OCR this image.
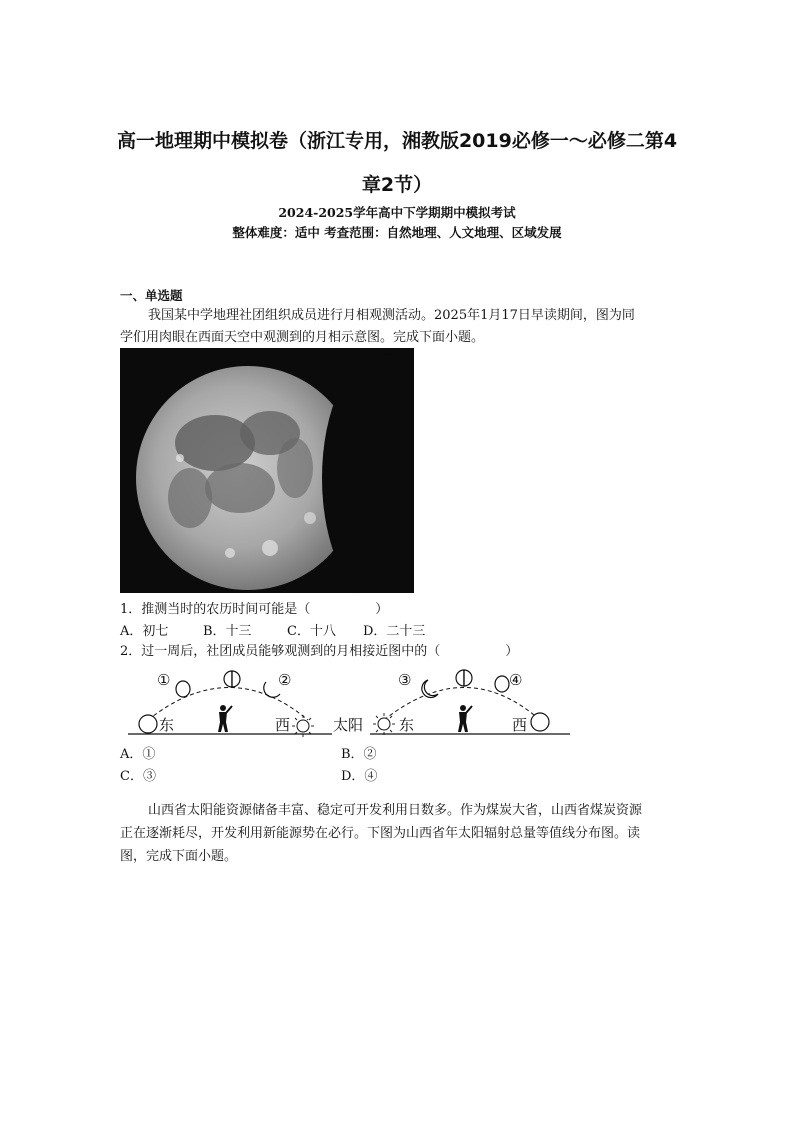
高一地理期中模拟卷（浙江专用，湘教版2019必修一～必修二第4
章2节）
2024-2025学年高中下学期期中模拟考试
整体难度：适中 考查范围：自然地理、人文地理、区域发展
一、单选题
我国某中学地理社团组织成员进行月相观测活动。2025年1月17日早读期间，图为同
学们用肉眼在西面天空中观测到的月相示意图。完成下面小题。
1．推测当时的农历时间可能是（　　　　　）
A．初七	B．十三	C．十八 D．二十三
2．过一周后，社团成员能够观测到的月相接近图中的（　　　　　）
①	②
东	西	太阳
③	④
东	西
A．①	B．②
C．③	D．④
山西省太阳能资源储备丰富、稳定可开发利用日数多。作为煤炭大省，山西省煤炭资源
正在逐渐耗尽，开发利用新能源势在必行。下图为山西省年太阳辐射总量等值线分布图。读
图，完成下面小题。
